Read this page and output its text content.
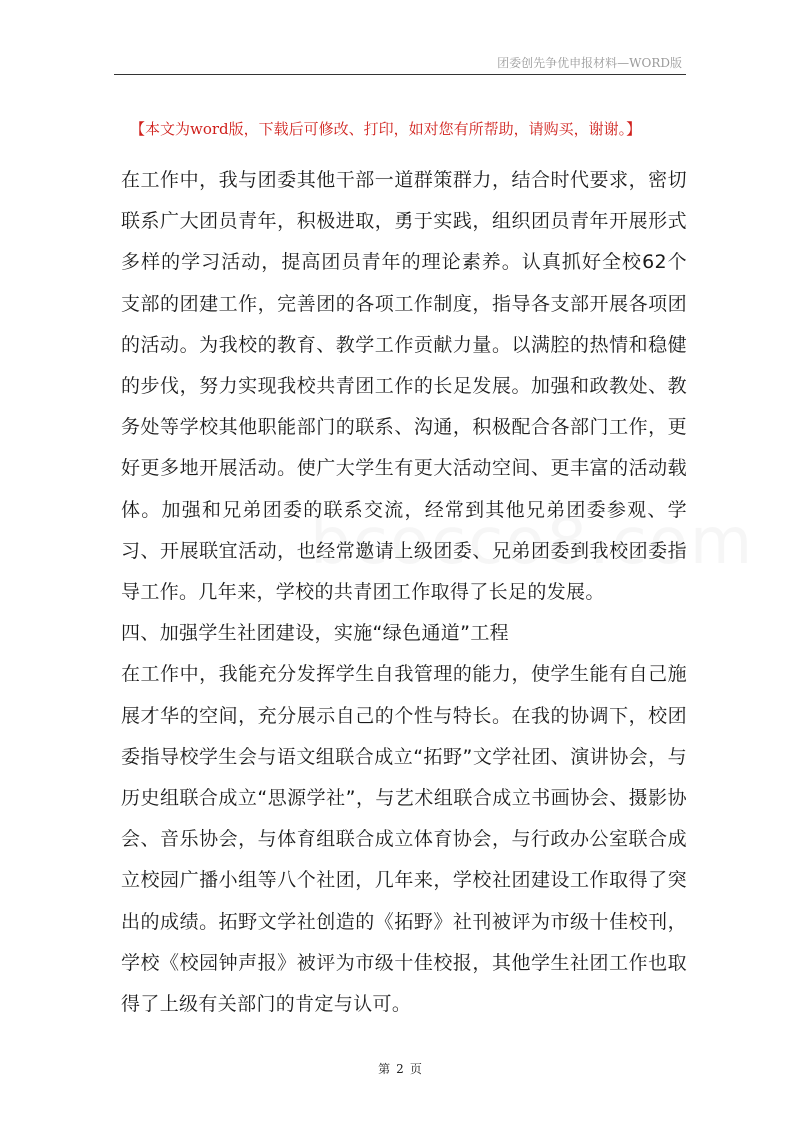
团委创先争优申报材料—WORD版
【本文为word版，下载后可修改、打印，如对您有所帮助，请购买，谢谢。】

在工作中，我与团委其他干部一道群策群力，结合时代要求，密切联系广大团员青年，积极进取，勇于实践，组织团员青年开展形式多样的学习活动，提高团员青年的理论素养。认真抓好全校62个支部的团建工作，完善团的各项工作制度，指导各支部开展各项团的活动。为我校的教育、教学工作贡献力量。以满腔的热情和稳健的步伐，努力实现我校共青团工作的长足发展。加强和政教处、教务处等学校其他职能部门的联系、沟通，积极配合各部门工作，更好更多地开展活动。使广大学生有更大活动空间、更丰富的活动载体。加强和兄弟团委的联系交流，经常到其他兄弟团委参观、学习、开展联宜活动，也经常邀请上级团委、兄弟团委到我校团委指导工作。几年来，学校的共青团工作取得了长足的发展。

四、加强学生社团建设，实施“绿色通道”工程

在工作中，我能充分发挥学生自我管理的能力，使学生能有自己施展才华的空间，充分展示自己的个性与特长。在我的协调下，校团委指导校学生会与语文组联合成立“拓野”文学社团、演讲协会，与历史组联合成立“思源学社”，与艺术组联合成立书画协会、摄影协会、音乐协会，与体育组联合成立体育协会，与行政办公室联合成立校园广播小组等八个社团，几年来，学校社团建设工作取得了突出的成绩。拓野文学社创造的《拓野》社刊被评为市级十佳校刊，学校《校园钟声报》被评为市级十佳校报，其他学生社团工作也取得了上级有关部门的肯定与认可。

第 2 页
